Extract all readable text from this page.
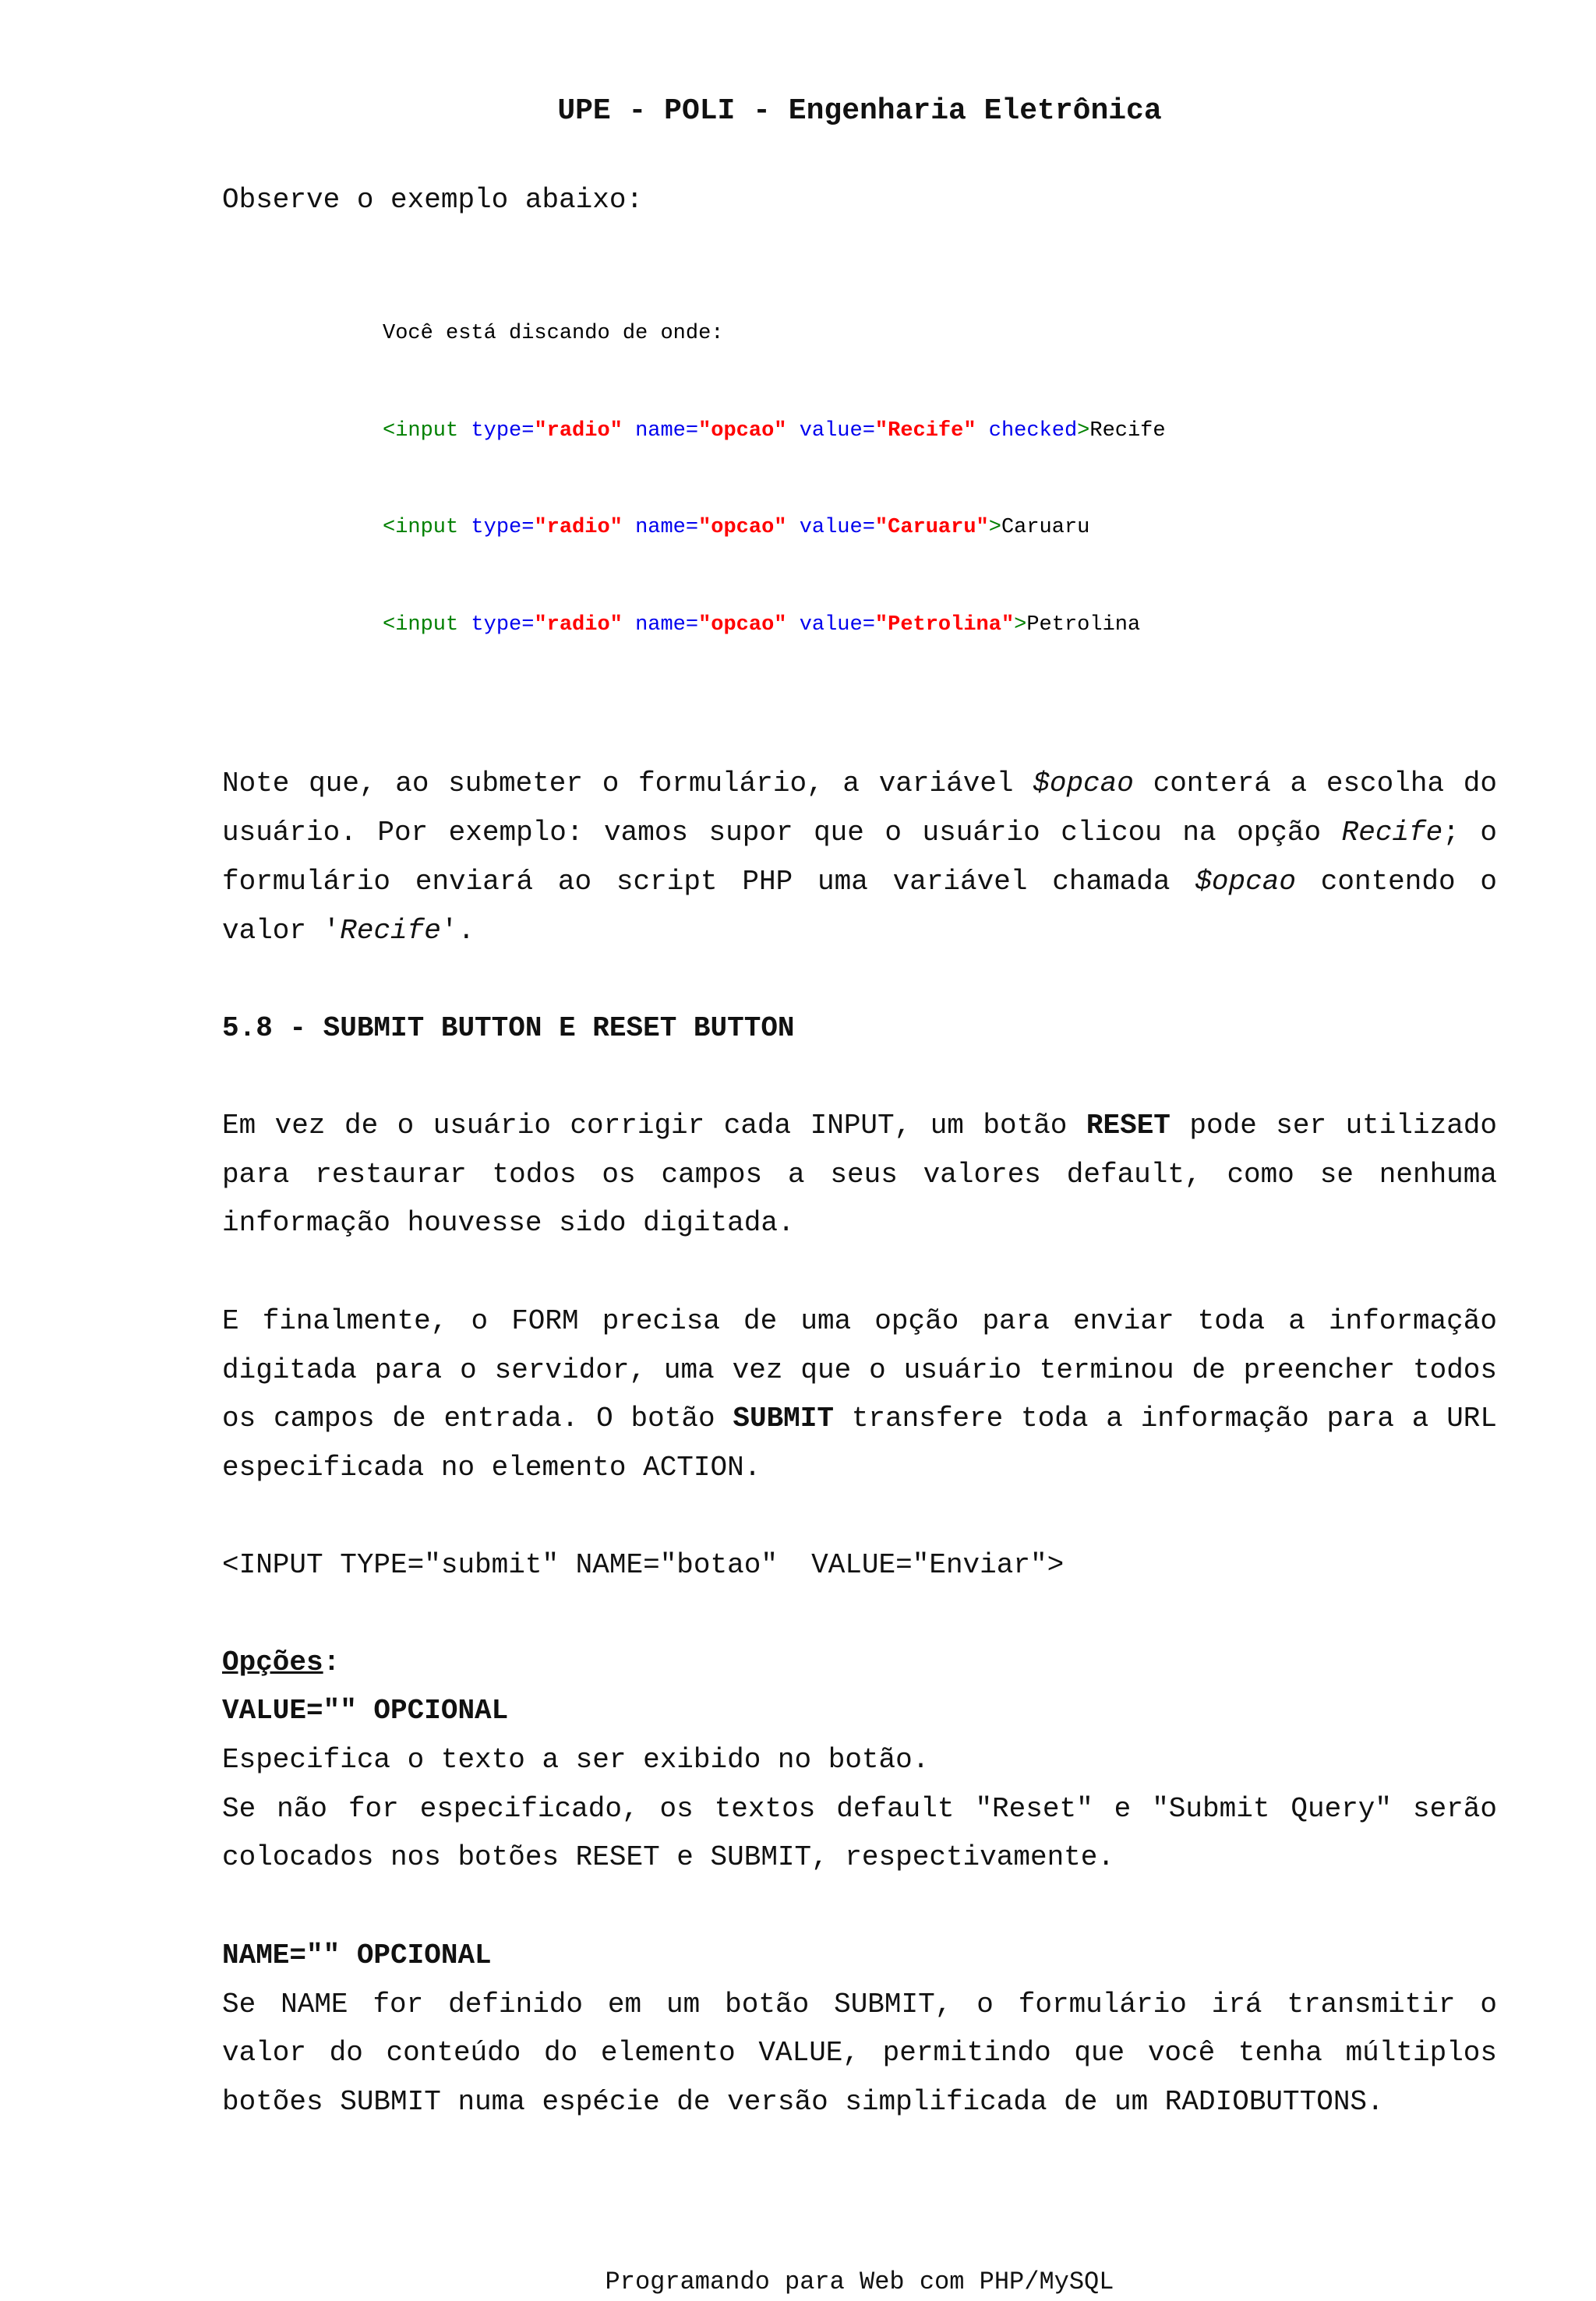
UPE - POLI - Engenharia Eletrônica
Observe o exemplo abaixo:

Você está discando de onde:

<input type="radio" name="opcao" value="Recife" checked>Recife

<input type="radio" name="opcao" value="Caruaru">Caruaru

<input type="radio" name="opcao" value="Petrolina">Petrolina

Note que, ao submeter o formulário, a variável $opcao conterá a escolha do usuário. Por exemplo: vamos supor que o usuário clicou na opção Recife; o formulário enviará ao script PHP uma variável chamada $opcao contendo o valor 'Recife'.
5.8 - SUBMIT BUTTON E RESET BUTTON
Em vez de o usuário corrigir cada INPUT, um botão RESET pode ser utilizado para restaurar todos os campos a seus valores default, como se nenhuma informação houvesse sido digitada.
E finalmente, o FORM precisa de uma opção para enviar toda a informação digitada para o servidor, uma vez que o usuário terminou de preencher todos os campos de entrada. O botão SUBMIT transfere toda a informação para a URL especificada no elemento ACTION.
<INPUT TYPE="submit" NAME="botao"  VALUE="Enviar">
Opções:
VALUE="" OPCIONAL
Especifica o texto a ser exibido no botão.
Se não for especificado, os textos default "Reset" e "Submit Query" serão colocados nos botões RESET e SUBMIT, respectivamente.
NAME="" OPCIONAL
Se NAME for definido em um botão SUBMIT, o formulário irá transmitir o valor do conteúdo do elemento VALUE, permitindo que você tenha múltiplos botões SUBMIT numa espécie de versão simplificada de um RADIOBUTTONS.
Programando para Web com PHP/MySQL
